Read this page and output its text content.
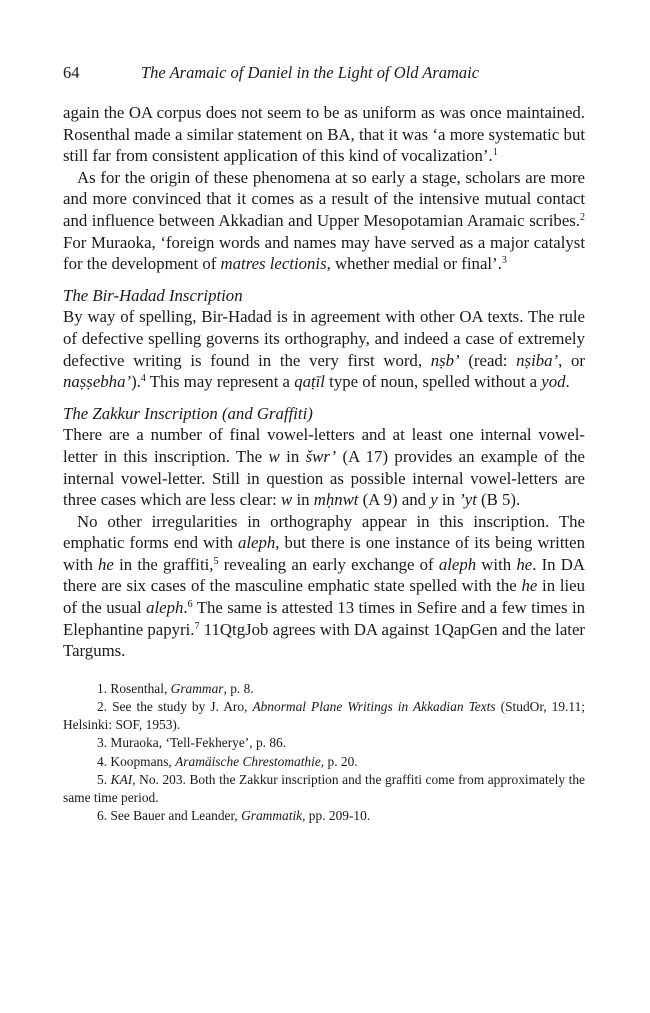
64	The Aramaic of Daniel in the Light of Old Aramaic

again the OA corpus does not seem to be as uniform as was once maintained. Rosenthal made a similar statement on BA, that it was ‘a more systematic but still far from consistent application of this kind of vocalization’.$^1$

As for the origin of these phenomena at so early a stage, scholars are more and more convinced that it comes as a result of the intensive mutual contact and influence between Akkadian and Upper Mesopotamian Aramaic scribes.$^2$ For Muraoka, ‘foreign words and names may have served as a major catalyst for the development of matres lectionis, whether medial or final’.$^3$

The Bir-Hadad Inscription

By way of spelling, Bir-Hadad is in agreement with other OA texts. The rule of defective spelling governs its orthography, and indeed a case of extremely defective writing is found in the very first word, nṣb’ (read: nṣiba’, or naṣṣebha’).$^4$ This may represent a qaṭīl type of noun, spelled without a yod.

The Zakkur Inscription (and Graffiti)

There are a number of final vowel-letters and at least one internal vowel-letter in this inscription. The w in šwr’ (A 17) provides an example of the internal vowel-letter. Still in question as possible internal vowel-letters are three cases which are less clear: w in mḥnwt (A 9) and y in ’yt (B 5).

No other irregularities in orthography appear in this inscription. The emphatic forms end with aleph, but there is one instance of its being written with he in the graffiti,$^5$ revealing an early exchange of aleph with he. In DA there are six cases of the masculine emphatic state spelled with the he in lieu of the usual aleph.$^6$ The same is attested 13 times in Sefire and a few times in Elephantine papyri.$^7$ 11QtgJob agrees with DA against 1QapGen and the later Targums.

1. Rosenthal, Grammar, p. 8.

2. See the study by J. Aro, Abnormal Plane Writings in Akkadian Texts (StudOr, 19.11; Helsinki: SOF, 1953).

3. Muraoka, ‘Tell-Fekherye’, p. 86.

4. Koopmans, Aramäische Chrestomathie, p. 20.

5. KAI, No. 203. Both the Zakkur inscription and the graffiti come from approximately the same time period.

6. See Bauer and Leander, Grammatik, pp. 209-10.
